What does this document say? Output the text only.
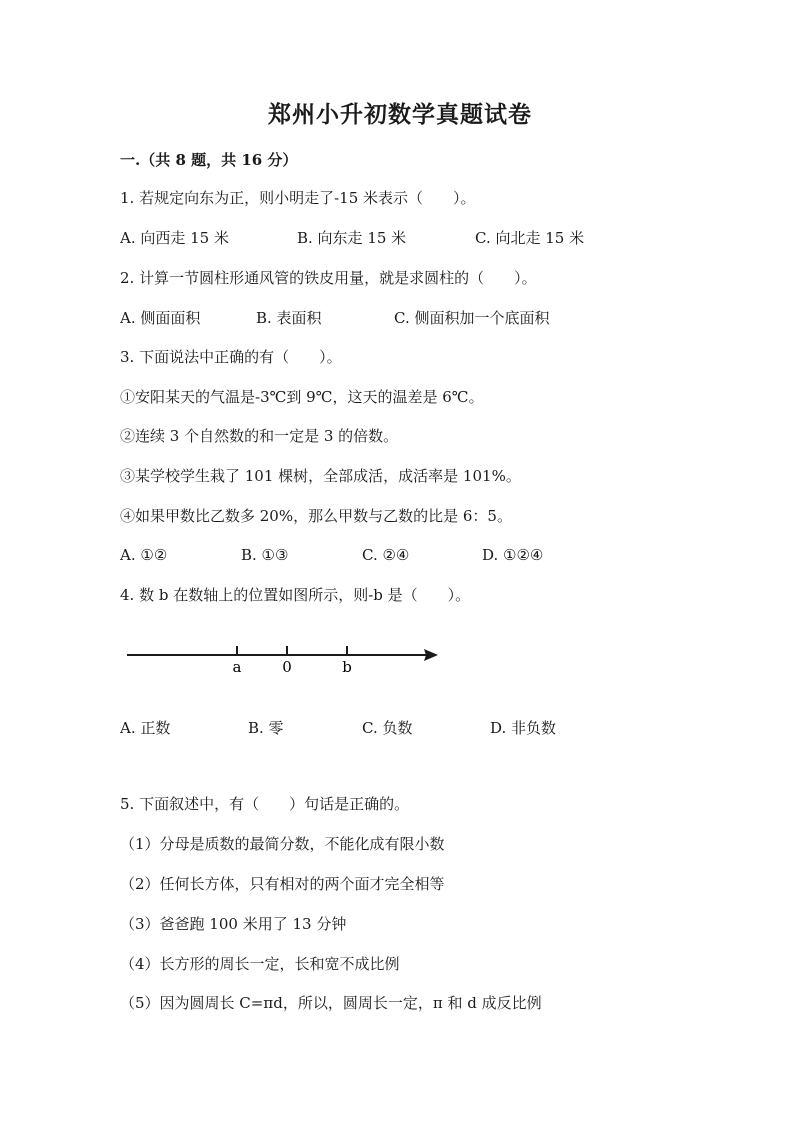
郑州小升初数学真题试卷
一.（共 8 题，共 16 分）
1. 若规定向东为正，则小明走了-15 米表示（　　）。
A. 向西走 15 米	B. 向东走 15 米	C. 向北走 15 米
2. 计算一节圆柱形通风管的铁皮用量，就是求圆柱的（　　）。
A. 侧面面积	B. 表面积	C. 侧面积加一个底面积
3. 下面说法中正确的有（　　）。
①安阳某天的气温是-3℃到 9℃，这天的温差是 6℃。
②连续 3 个自然数的和一定是 3 的倍数。
③某学校学生栽了 101 棵树，全部成活，成活率是 101%。
④如果甲数比乙数多 20%，那么甲数与乙数的比是 6：5。
A. ①②	B. ①③	C. ②④	D. ①②④
4. 数 b 在数轴上的位置如图所示，则-b 是（　　）。
a	0	b
A. 正数	B. 零	C. 负数	D. 非负数
5. 下面叙述中，有（　　）句话是正确的。
（1）分母是质数的最简分数，不能化成有限小数
（2）任何长方体，只有相对的两个面才完全相等
（3）爸爸跑 100 米用了 13 分钟
（4）长方形的周长一定，长和宽不成比例
（5）因为圆周长 C=πd，所以，圆周长一定，π 和 d 成反比例
